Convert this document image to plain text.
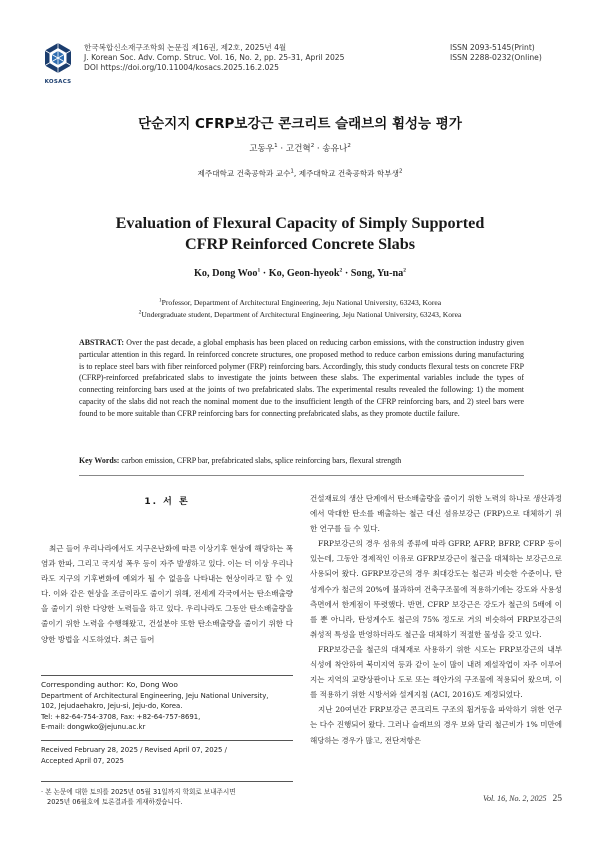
KOSACS
한국복합신소재구조학회 논문집 제16권, 제2호, 2025년 4월
J. Korean Soc. Adv. Comp. Struc. Vol. 16, No. 2, pp. 25-31, April 2025
DOI https://doi.org/10.11004/kosacs.2025.16.2.025
ISSN 2093-5145(Print)
ISSN 2288-0232(Online)
단순지지 CFRP보강근 콘크리트 슬래브의 휨성능 평가
고동우$^1$ · 고건혁$^2$ · 송유나$^2$
제주대학교 건축공학과 교수$^1$, 제주대학교 건축공학과 학부생$^2$
Evaluation of Flexural Capacity of Simply Supported
CFRP Reinforced Concrete Slabs
Ko, Dong Woo$^1$ · Ko, Geon-hyeok$^2$ · Song, $Yu-na^2$
$^1$Professor, Department of Architectural Engineering, Jeju National University, 63243, Korea
$^2$Undergraduate student, Department of Architectural Engineering, Jeju National University, 63243, Korea
ABSTRACT: Over the past decade, a global emphasis has been placed on reducing carbon emissions, with the construction industry given particular attention in this regard. In reinforced concrete structures, one proposed method to reduce carbon emissions during manufacturing is to replace steel bars with fiber reinforced polymer (FRP) reinforcing bars. Accordingly, this study conducts flexural tests on concrete FRP (CFRP)-reinforced prefabricated slabs to investigate the joints between these slabs. The experimental variables include the types of connecting reinforcing bars used at the joints of two prefabricated slabs. The experimental results revealed the following: 1) the moment capacity of the slabs did not reach the nominal moment due to the insufficient length of the CFRP reinforcing bars, and 2) steel bars were found to be more suitable than CFRP reinforcing bars for connecting prefabricated slabs, as they promote ductile failure.
Key Words: carbon emission, CFRP bar, prefabricated slabs, splice reinforcing bars, flexural strength
1. 서 론

최근 들어 우리나라에서도 지구온난화에 따른 이상기후 현상에 해당하는 폭염과 한파, 그리고 국지성 폭우 등이 자주 발생하고 있다. 이는 더 이상 우리나라도 지구의 기후변화에 예외가 될 수 없음을 나타내는 현상이라고 할 수 있다. 이와 같은 현상을 조금이라도 줄이기 위해, 전세계 각국에서는 탄소배출량을 줄이기 위한 다양한 노력들을 하고 있다. 우리나라도 그동안 탄소배출량을 줄이기 위한 노력을 수행해왔고, 건설분야 또한 탄소배출량을 줄이기 위한 다양한 방법을 시도하였다. 최근 들어

Corresponding author: Ko, Dong Woo
Department of Architectural Engineering, Jeju National University,
102, Jejudaehakro, Jeju-si, Jeju-do, Korea.
Tel: +82-64-754-3708, Fax: +82-64-757-8691,
E-mail: dongwko@jejunu.ac.kr
Received February 28, 2025 / Revised April 07, 2025 /
Accepted April 07, 2025
· 본 논문에 대한 토의를 2025년 05월 31일까지 학회로 보내주시면
2025년 06월호에 토론결과를 게재하겠습니다.

건설재료의 생산 단계에서 탄소배출량을 줄이기 위한 노력의 하나로 생산과정에서 막대한 탄소를 배출하는 철근 대신 섬유보강근 (FRP)으로 대체하기 위한 연구를 들 수 있다.

FRP보강근의 경우 섬유의 종류에 따라 GFRP, AFRP, BFRP, CFRP 등이 있는데, 그동안 경제적인 이유로 GFRP보강근이 철근을 대체하는 보강근으로 사용되어 왔다. GFRP보강근의 경우 최대강도는 철근과 비슷한 수준이나, 탄성계수가 철근의 20%에 불과하여 건축구조물에 적용하기에는 강도와 사용성 측면에서 한계점이 뚜렷했다. 반면, CFRP 보강근은 강도가 철근의 5배에 이를 뿐 아니라, 탄성계수도 철근의 75% 정도로 거의 비슷하여 FRP보강근의 취성적 특성을 반영하더라도 철근을 대체하기 적절한 물성을 갖고 있다.

FRP보강근을 철근의 대체재로 사용하기 위한 시도는 FRP보강근의 내부식성에 착안하여 북미지역 등과 같이 눈이 많이 내려 제설작업이 자주 이루어지는 지역의 교량상판이나 도로 또는 해안가의 구조물에 적용되어 왔으며, 이를 적용하기 위한 시방서와 설계지침 (ACI, 2016)도 제정되었다.

지난 20여년간 FRP보강근 콘크리트 구조의 휨거동을 파악하기 위한 연구는 다수 진행되어 왔다. 그러나 슬래브의 경우 보와 달리 철근비가 1% 미만에 해당하는 경우가 많고, 전단저항은

Vol. 16, No. 2, 2025 25
